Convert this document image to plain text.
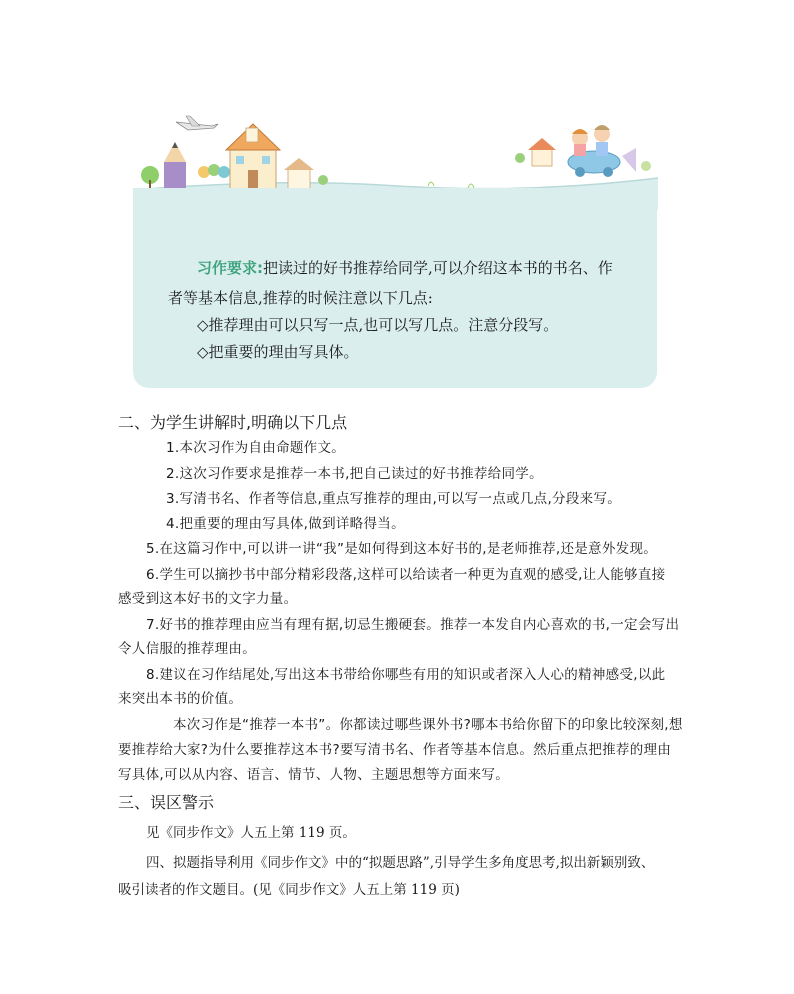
习作要求:把读过的好书推荐给同学,可以介绍这本书的书名、作
者等基本信息,推荐的时候注意以下几点:
◇推荐理由可以只写一点,也可以写几点。注意分段写。
◇把重要的理由写具体。
二、为学生讲解时,明确以下几点
1.本次习作为自由命题作文。
2.这次习作要求是推荐一本书,把自己读过的好书推荐给同学。
3.写清书名、作者等信息,重点写推荐的理由,可以写一点或几点,分段来写。
4.把重要的理由写具体,做到详略得当。
5.在这篇习作中,可以讲一讲“我”是如何得到这本好书的,是老师推荐,还是意外发现。
6.学生可以摘抄书中部分精彩段落,这样可以给读者一种更为直观的感受,让人能够直接
感受到这本好书的文字力量。
7.好书的推荐理由应当有理有据,切忌生搬硬套。推荐一本发自内心喜欢的书,一定会写出
令人信服的推荐理由。
8.建议在习作结尾处,写出这本书带给你哪些有用的知识或者深入人心的精神感受,以此
来突出本书的价值。
本次习作是“推荐一本书”。你都读过哪些课外书?哪本书给你留下的印象比较深刻,想
要推荐给大家?为什么要推荐这本书?要写清书名、作者等基本信息。然后重点把推荐的理由
写具体,可以从内容、语言、情节、人物、主题思想等方面来写。
三、误区警示
见《同步作文》人五上第 119 页。
四、拟题指导利用《同步作文》中的“拟题思路”,引导学生多角度思考,拟出新颖别致、
吸引读者的作文题目。(见《同步作文》人五上第 119 页)
